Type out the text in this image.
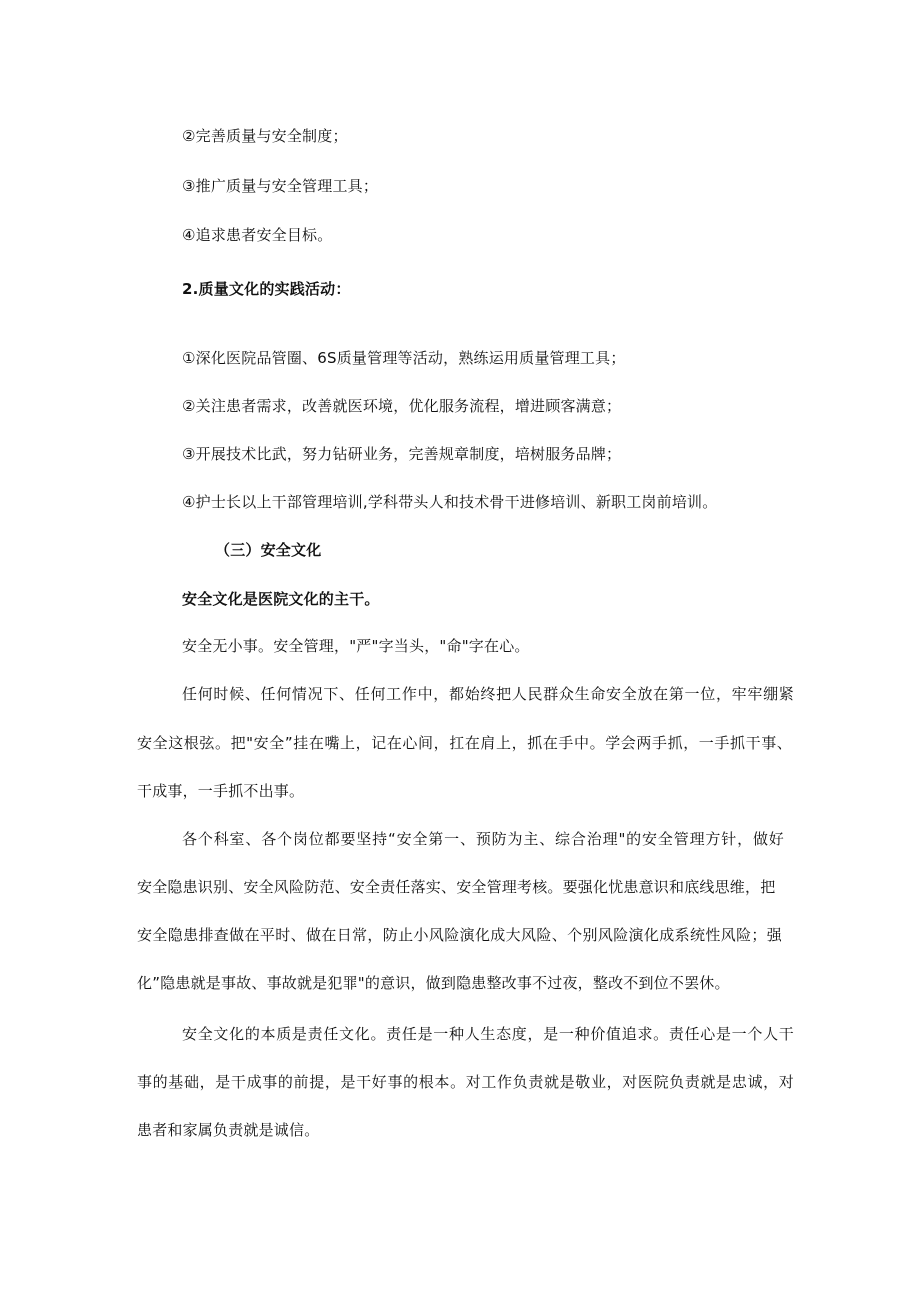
②完善质量与安全制度；
③推广质量与安全管理工具；
④追求患者安全目标。
2.质量文化的实践活动：
①深化医院品管圈、6S质量管理等活动，熟练运用质量管理工具；
②关注患者需求，改善就医环境，优化服务流程，增进顾客满意；
③开展技术比武，努力钻研业务，完善规章制度，培树服务品牌；
④护士长以上干部管理培训,学科带头人和技术骨干进修培训、新职工岗前培训。
（三）安全文化
安全文化是医院文化的主干。
安全无小事。安全管理，"严"字当头，"命"字在心。
任何时候、任何情况下、任何工作中，都始终把人民群众生命安全放在第一位，牢牢绷紧
安全这根弦。把"安全”挂在嘴上，记在心间，扛在肩上，抓在手中。学会两手抓，一手抓干事、
干成事，一手抓不出事。
各个科室、各个岗位都要坚持“安全第一、预防为主、综合治理"的安全管理方针，做好
安全隐患识别、安全风险防范、安全责任落实、安全管理考核。要强化忧患意识和底线思维，把
安全隐患排查做在平时、做在日常，防止小风险演化成大风险、个别风险演化成系统性风险；强
化”隐患就是事故、事故就是犯罪"的意识，做到隐患整改事不过夜，整改不到位不罢休。
安全文化的本质是责任文化。责任是一种人生态度，是一种价值追求。责任心是一个人干
事的基础，是干成事的前提，是干好事的根本。对工作负责就是敬业，对医院负责就是忠诚，对
患者和家属负责就是诚信。
